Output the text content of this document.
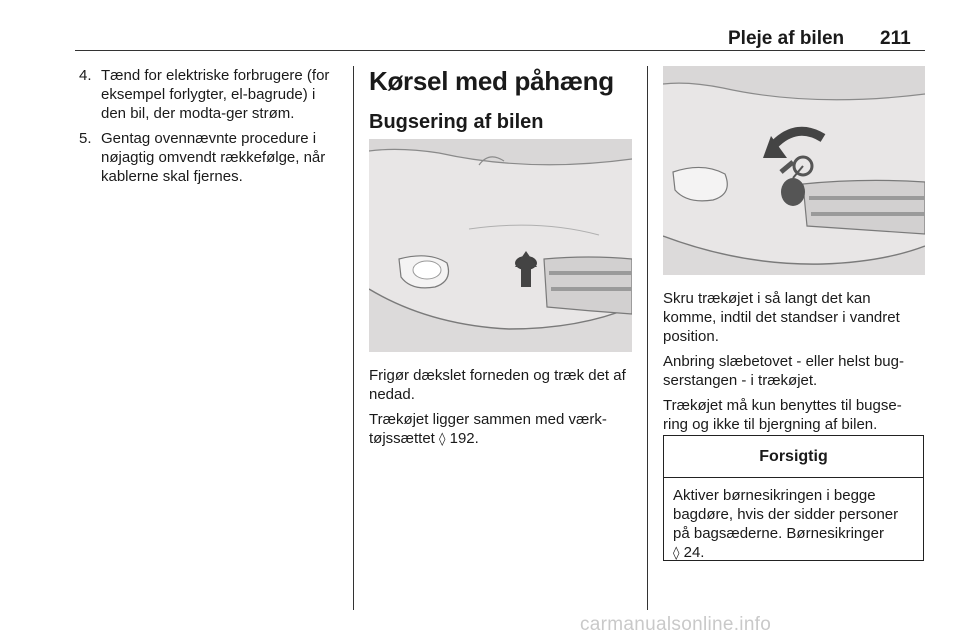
Pleje af bilen 211
4. Tænd for elektriske forbrugere (for eksempel forlygter, el-bagrude) i den bil, der modta-ger strøm.
5. Gentag ovennævnte procedure i nøjagtig omvendt rækkefølge, når kablerne skal fjernes.
Kørsel med påhæng
Bugsering af bilen

Frigør dækslet forneden og træk det af nedad.

Trækøjet ligger sammen med værk-tøjssættet ◊ 192.

Skru trækøjet i så langt det kan komme, indtil det standser i vandret position.

Anbring slæbetovet - eller helst bug-serstangen - i trækøjet.

Trækøjet må kun benyttes til bugse-ring og ikke til bjergning af bilen.

Forsigtig
Aktiver børnesikringen i begge bagdøre, hvis der sidder personer på bagsæderne. Børnesikringer
◊ 24.
carmanualsonline.info
